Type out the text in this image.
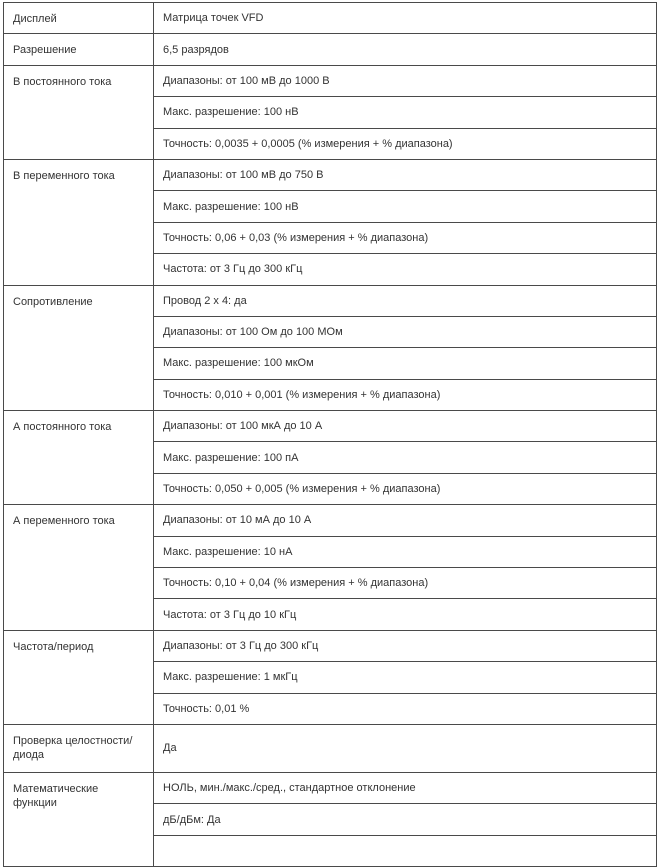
Дисплей	Матрица точек VFD
Разрешение	6,5 разрядов
В постоянного тока	Диапазоны: от 100 мВ до 1000 В
	Макс. разрешение: 100 нВ
	Точность: 0,0035 + 0,0005 (% измерения + % диапазона)
В переменного тока	Диапазоны: от 100 мВ до 750 В
	Макс. разрешение: 100 нВ
	Точность: 0,06 + 0,03 (% измерения + % диапазона)
	Частота: от 3 Гц до 300 кГц
Сопротивление	Провод 2 x 4: да
	Диапазоны: от 100 Ом до 100 МОм
	Макс. разрешение: 100 мкОм
	Точность: 0,010 + 0,001 (% измерения + % диапазона)
А постоянного тока	Диапазоны: от 100 мкА до 10 А
	Макс. разрешение: 100 пА
	Точность: 0,050 + 0,005 (% измерения + % диапазона)
А переменного тока	Диапазоны: от 10 мА до 10 А
	Макс. разрешение: 10 нА
	Точность: 0,10 + 0,04 (% измерения + % диапазона)
	Частота: от 3 Гц до 10 кГц
Частота/период	Диапазоны: от 3 Гц до 300 кГц
	Макс. разрешение: 1 мкГц
	Точность: 0,01 %
Проверка целостности/ диода	Да
Математические функции	НОЛЬ, мин./макс./сред., стандартное отклонение
	дБ/дБм: Да
